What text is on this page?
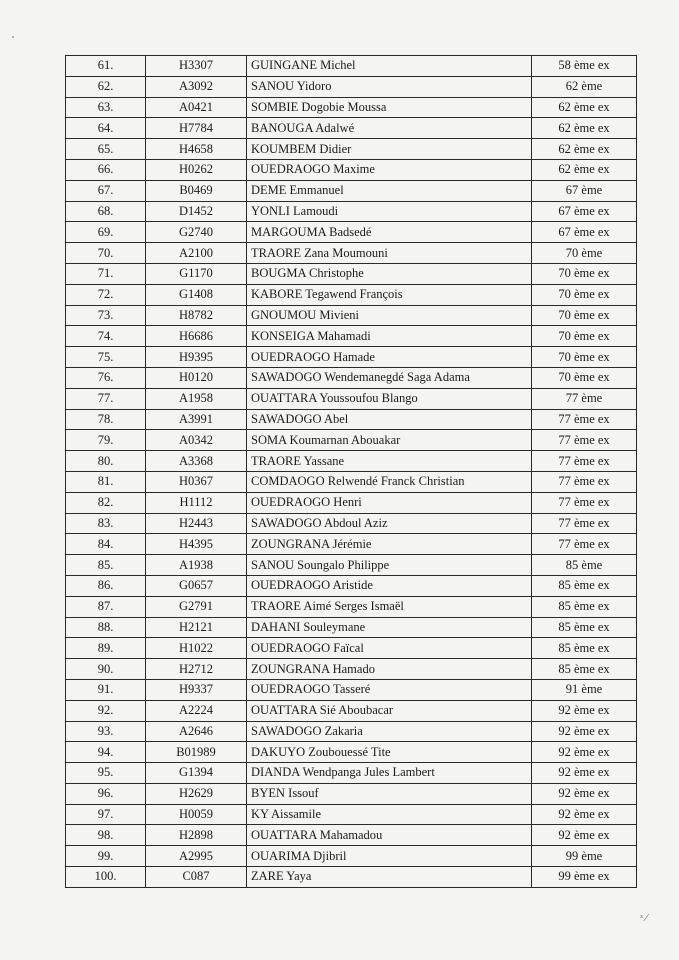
61.	H3307	GUINGANE Michel	58 ème ex
62.	A3092	SANOU Yidoro	62 ème
63.	A0421	SOMBIE Dogobie Moussa	62 ème ex
64.	H7784	BANOUGA Adalwé	62 ème ex
65.	H4658	KOUMBEM Didier	62 ème ex
66.	H0262	OUEDRAOGO Maxime	62 ème ex
67.	B0469	DEME Emmanuel	67 ème
68.	D1452	YONLI Lamoudi	67 ème ex
69.	G2740	MARGOUMA Badsedé	67 ème ex
70.	A2100	TRAORE Zana Moumouni	70 ème
71.	G1170	BOUGMA Christophe	70 ème ex
72.	G1408	KABORE Tegawend François	70 ème ex
73.	H8782	GNOUMOU Mivieni	70 ème ex
74.	H6686	KONSEIGA Mahamadi	70 ème ex
75.	H9395	OUEDRAOGO Hamade	70 ème ex
76.	H0120	SAWADOGO Wendemanegdé Saga Adama	70 ème ex
77.	A1958	OUATTARA Youssoufou Blango	77 ème
78.	A3991	SAWADOGO Abel	77 ème ex
79.	A0342	SOMA Koumarnan Abouakar	77 ème ex
80.	A3368	TRAORE Yassane	77 ème ex
81.	H0367	COMDAOGO Relwendé Franck Christian	77 ème ex
82.	H1112	OUEDRAOGO Henri	77 ème ex
83.	H2443	SAWADOGO Abdoul Aziz	77 ème ex
84.	H4395	ZOUNGRANA Jérémie	77 ème ex
85.	A1938	SANOU Soungalo Philippe	85 ème
86.	G0657	OUEDRAOGO Aristide	85 ème ex
87.	G2791	TRAORE Aimé Serges Ismaël	85 ème ex
88.	H2121	DAHANI Souleymane	85 ème ex
89.	H1022	OUEDRAOGO Faïcal	85 ème ex
90.	H2712	ZOUNGRANA Hamado	85 ème ex
91.	H9337	OUEDRAOGO Tasseré	91 ème
92.	A2224	OUATTARA Sié Aboubacar	92 ème ex
93.	A2646	SAWADOGO Zakaria	92 ème ex
94.	B01989	DAKUYO Zoubouessé Tite	92 ème ex
95.	G1394	DIANDA Wendpanga Jules Lambert	92 ème ex
96.	H2629	BYEN Issouf	92 ème ex
97.	H0059	KY Aissamile	92 ème ex
98.	H2898	OUATTARA Mahamadou	92 ème ex
99.	A2995	OUARIMA Djibril	99 ème
100.	C087	ZARE Yaya	99 ème ex
ᵌ ⁄
